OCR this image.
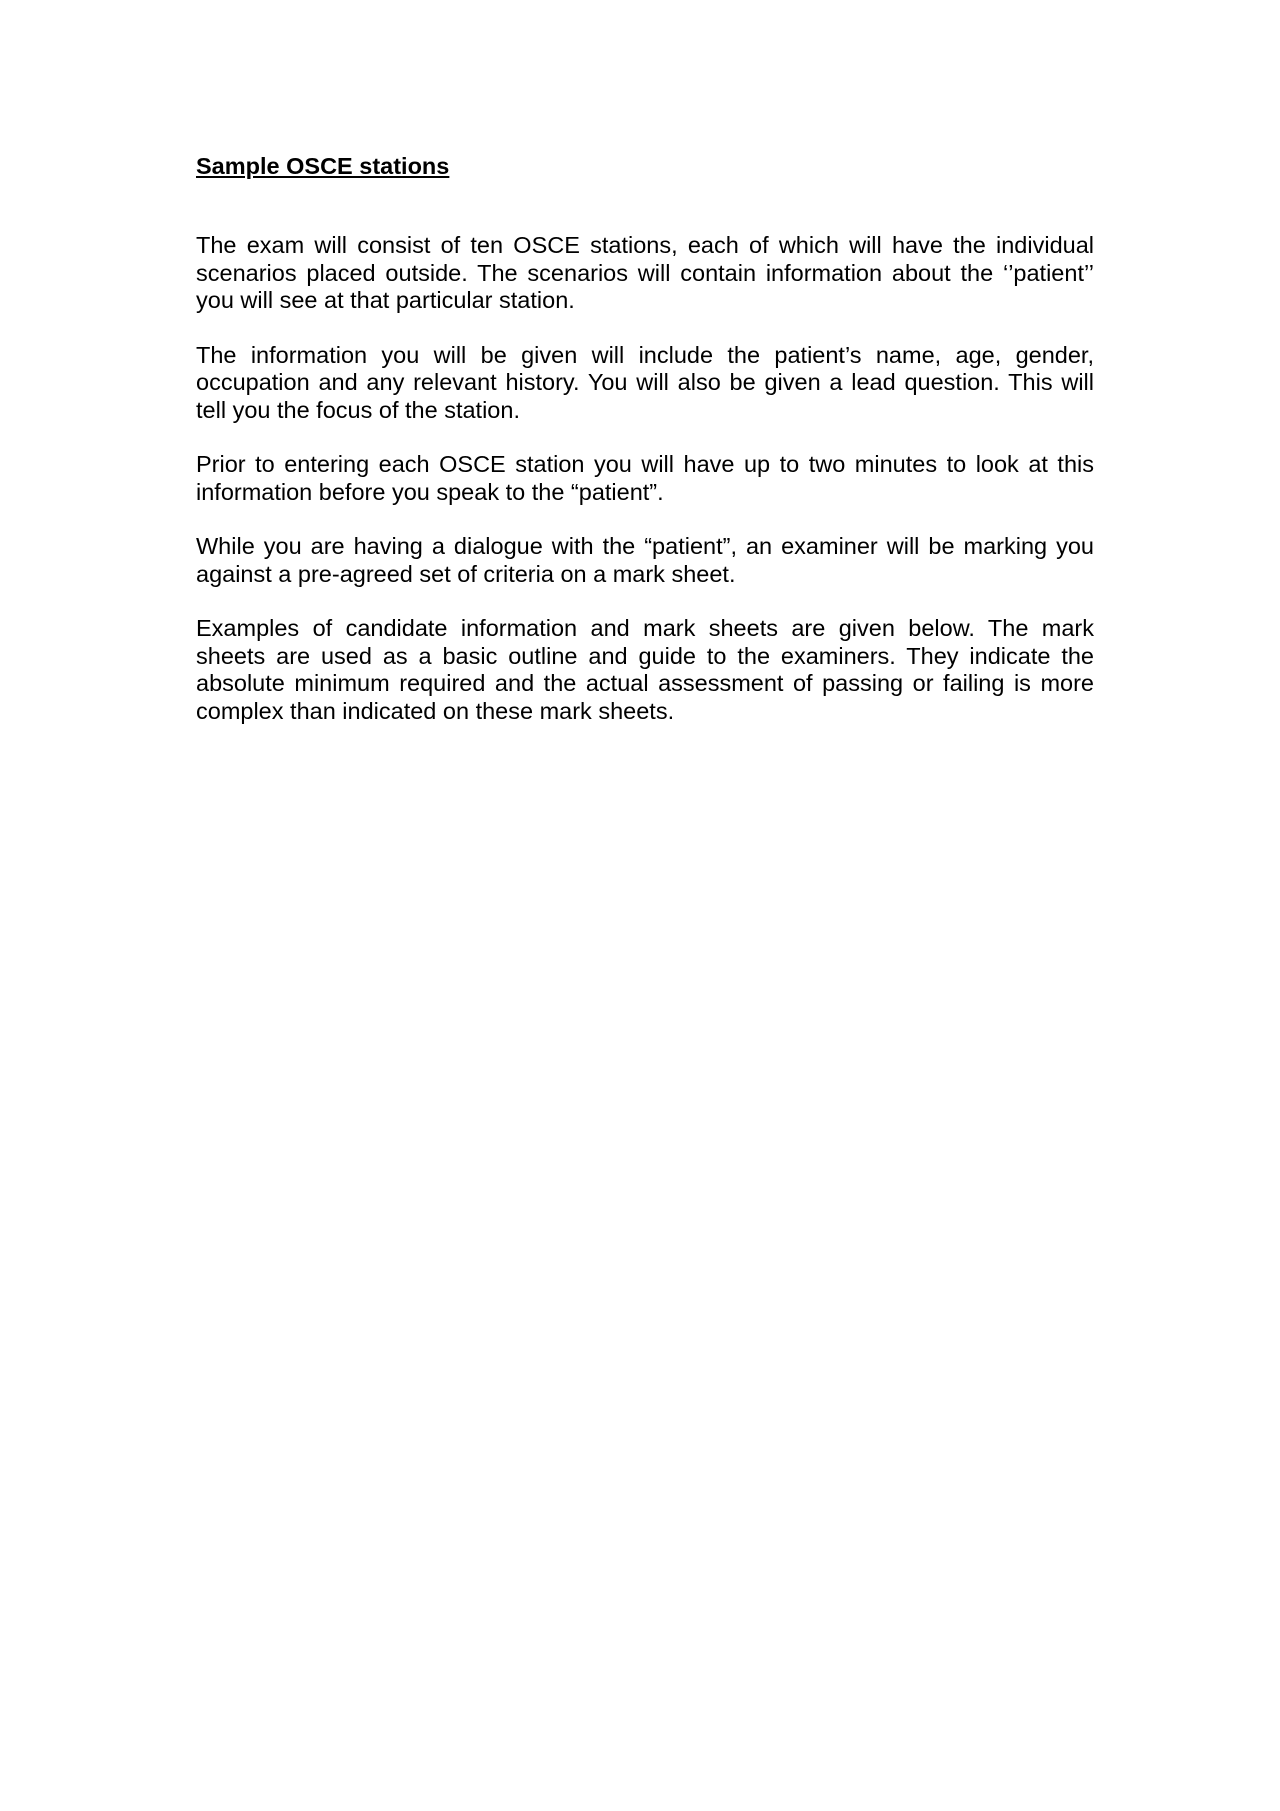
Sample OSCE stations

The exam will consist of ten OSCE stations, each of which will have the individual scenarios placed outside. The scenarios will contain information about the ‘’patient’’ you will see at that particular station.

The information you will be given will include the patient’s name, age, gender, occupation and any relevant history. You will also be given a lead question. This will tell you the focus of the station.

Prior to entering each OSCE station you will have up to two minutes to look at this information before you speak to the “patient”.

While you are having a dialogue with the “patient”, an examiner will be marking you against a pre-agreed set of criteria on a mark sheet.

Examples of candidate information and mark sheets are given below. The mark sheets are used as a basic outline and guide to the examiners. They indicate the absolute minimum required and the actual assessment of passing or failing is more complex than indicated on these mark sheets.
